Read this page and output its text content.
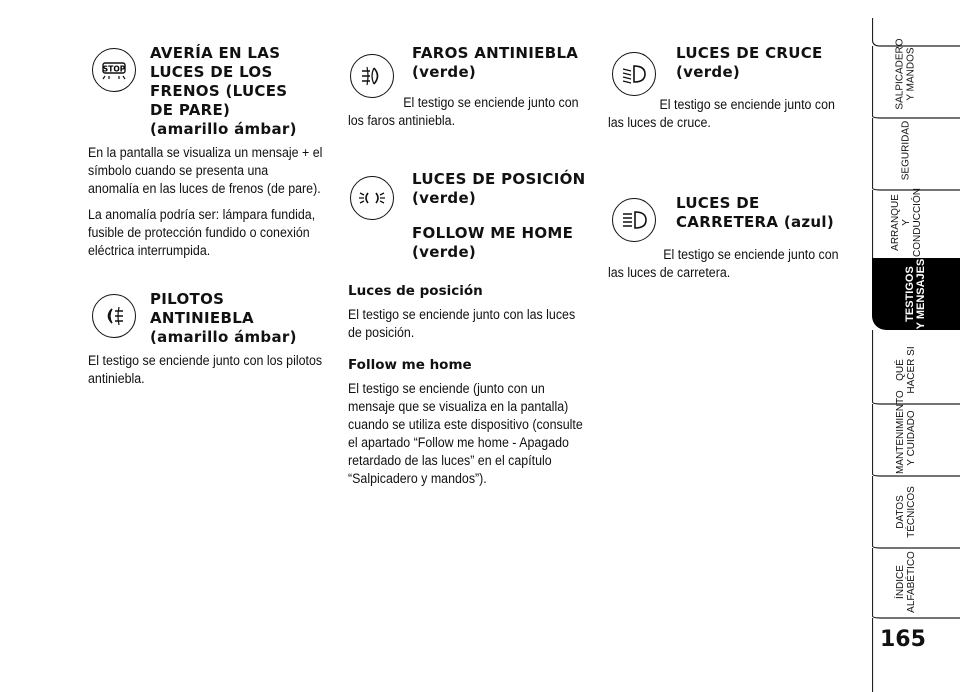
STOP
AVERÍA EN LAS
LUCES DE LOS
FRENOS (LUCES
DE PARE)
(amarillo ámbar)

En la pantalla se visualiza un mensaje + el símbolo cuando se presenta una anomalía en las luces de frenos (de pare).

La anomalía podría ser: lámpara fundida, fusible de protección fundido o conexión eléctrica interrumpida.

PILOTOS
ANTINIEBLA
(amarillo ámbar)

El testigo se enciende junto con los pilotos antiniebla.

FAROS ANTINIEBLA
(verde)

El testigo se enciende junto con los faros antiniebla.

LUCES DE POSICIÓN
(verde)
FOLLOW ME HOME
(verde)

Luces de posición

El testigo se enciende junto con las luces de posición.

Follow me home

El testigo se enciende (junto con un mensaje que se visualiza en la pantalla) cuando se utiliza este dispositivo (consulte el apartado “Follow me home - Apagado retardado de las luces” en el capítulo “Salpicadero y mandos”).

LUCES DE CRUCE
(verde)

El testigo se enciende junto con las luces de cruce.

LUCES DE
CARRETERA (azul)

El testigo se enciende junto con las luces de carretera.

SALPICADERO
Y MANDOS
SEGURIDAD
ARRANQUE
Y CONDUCCIÓN
TESTIGOS
Y MENSAJES
QUÉ
HACER SI
MANTENIMIENTO
Y CUIDADO
DATOS
TÉCNICOS
ÍNDICE
ALFABÉTICO
165
